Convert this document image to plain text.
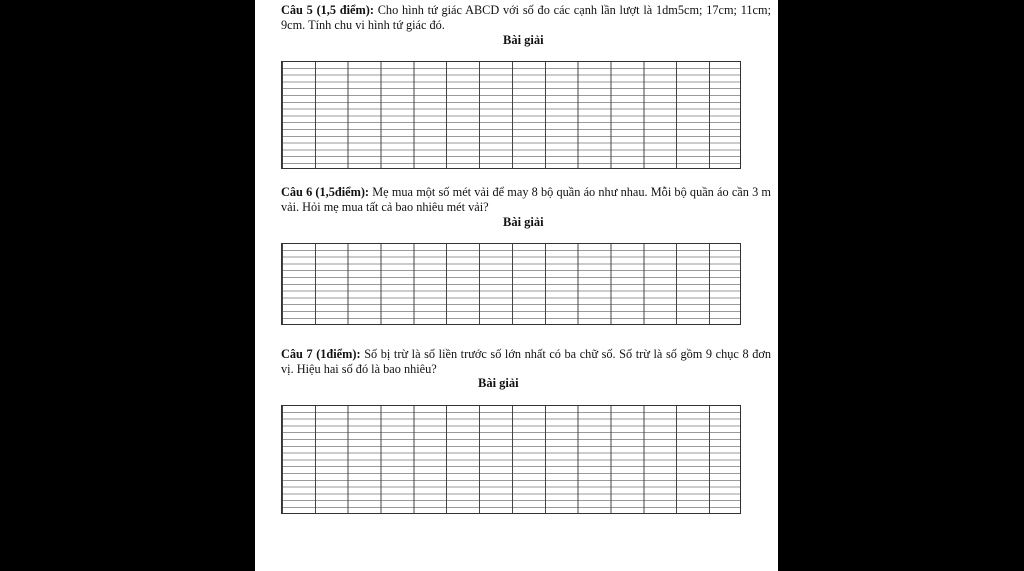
Câu 5 (1,5 điểm): Cho hình tứ giác ABCD với số đo các cạnh lần lượt là 1dm5cm; 17cm; 11cm; 9cm. Tính chu vi hình tứ giác đó.

Bài giải

Câu 6 (1,5điểm): Mẹ mua một số mét vải để may 8 bộ quần áo như nhau. Mỗi bộ quần áo cần 3 m vải. Hỏi mẹ mua tất cả bao nhiêu mét vải?

Bài giải

Câu 7 (1điểm): Số bị trừ là số liền trước số lớn nhất có ba chữ số. Số trừ là số gồm 9 chục 8 đơn vị. Hiệu hai số đó là bao nhiêu?

Bài giải
